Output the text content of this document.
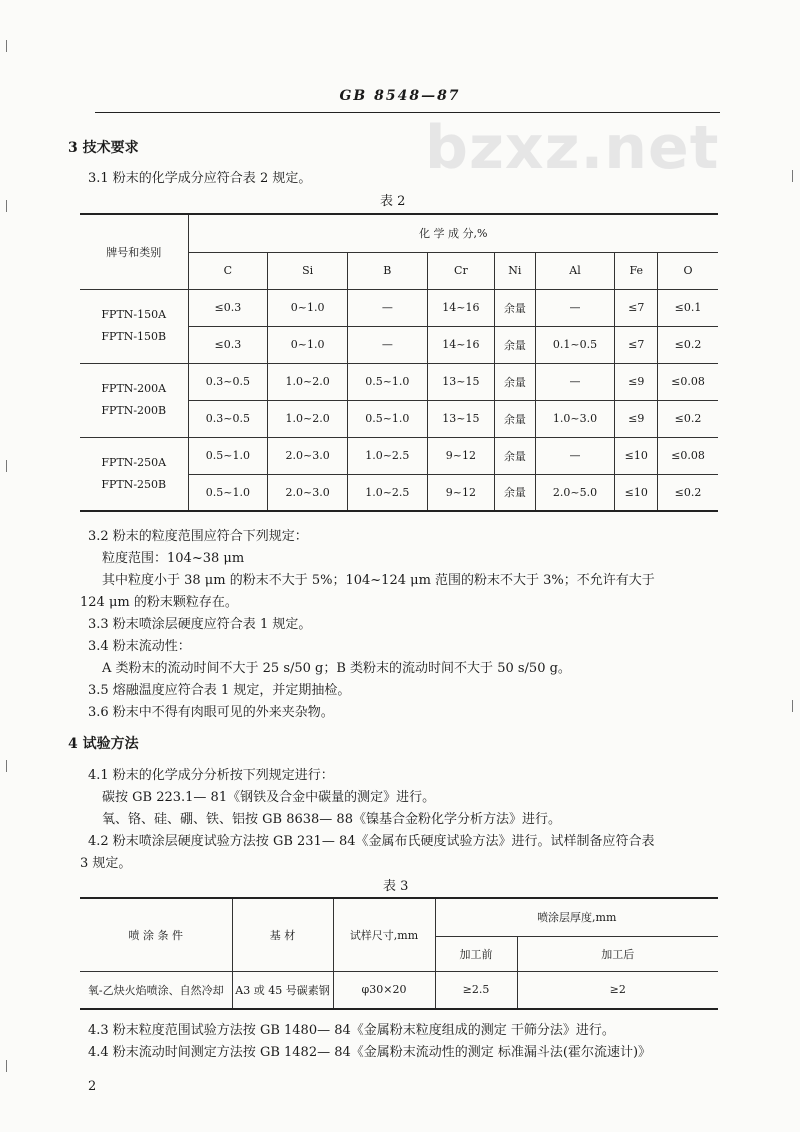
bzxz.net
GB 8548—87
3 技术要求
3.1 粉末的化学成分应符合表 2 规定。
表 2
牌号和类别	化 学 成 分,%							
	C	Si	B	Cr	Ni	Al	Fe	O

FPTN-150A
FPTN-150B	≤0.3	0~1.0	—	14~16	余量	—	≤7	≤0.1
	≤0.3	0~1.0	—	14~16	余量	0.1~0.5	≤7	≤0.2

FPTN-200A
FPTN-200B	0.3~0.5	1.0~2.0	0.5~1.0	13~15	余量	—	≤9	≤0.08
	0.3~0.5	1.0~2.0	0.5~1.0	13~15	余量	1.0~3.0	≤9	≤0.2

FPTN-250A
FPTN-250B	0.5~1.0	2.0~3.0	1.0~2.5	9~12	余量	—	≤10	≤0.08
	0.5~1.0	2.0~3.0	1.0~2.5	9~12	余量	2.0~5.0	≤10	≤0.2
3.2 粉末的粒度范围应符合下列规定：
粒度范围：104~38 μm
其中粒度小于 38 μm 的粉末不大于 5%；104~124 μm 范围的粉末不大于 3%；不允许有大于
124 μm 的粉末颗粒存在。
3.3 粉末喷涂层硬度应符合表 1 规定。
3.4 粉末流动性：
A 类粉末的流动时间不大于 25 s/50 g；B 类粉末的流动时间不大于 50 s/50 g。
3.5 熔融温度应符合表 1 规定，并定期抽检。
3.6 粉末中不得有肉眼可见的外来夹杂物。
4 试验方法
4.1 粉末的化学成分分析按下列规定进行：
碳按 GB 223.1— 81《钢铁及合金中碳量的测定》进行。
氧、铬、硅、硼、铁、铝按 GB 8638— 88《镍基合金粉化学分析方法》进行。
4.2 粉末喷涂层硬度试验方法按 GB 231— 84《金属布氏硬度试验方法》进行。试样制备应符合表
3 规定。
表 3
喷 涂 条 件	基 材	试样尺寸,mm	喷涂层厚度,mm	
			加工前	加工后
氧-乙炔火焰喷涂、自然冷却	A3 或 45 号碳素钢	φ30×20	≥2.5	≥2
4.3 粉末粒度范围试验方法按 GB 1480— 84《金属粉末粒度组成的测定 干筛分法》进行。
4.4 粉末流动时间测定方法按 GB 1482— 84《金属粉末流动性的测定 标准漏斗法(霍尔流速计)》
2
